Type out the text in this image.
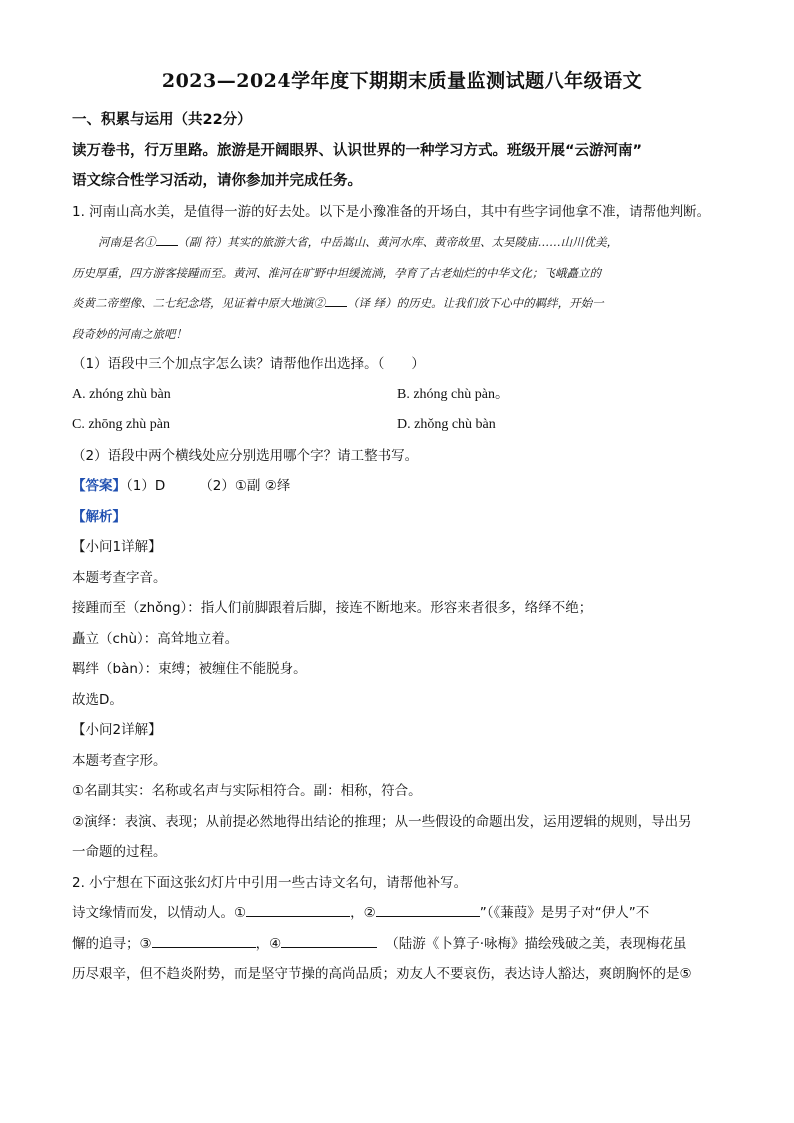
2023—2024学年度下期期末质量监测试题八年级语文

一、积累与运用（共22分）

读万卷书，行万里路。旅游是开阔眼界、认识世界的一种学习方式。班级开展“云游河南”

语文综合性学习活动，请你参加并完成任务。

1. 河南山高水美，是值得一游的好去处。以下是小豫准备的开场白，其中有些字词他拿不准，请帮他判断。

河南是名① （副 符）其实的旅游大省，中岳嵩山、黄河水库、黄帝故里、太昊陵庙……山川优美，

历史厚重，四方游客接踵而至。黄河、淮河在旷野中坦缓流淌，孕育了古老灿烂的中华文化；飞峨矗立的

炎黄二帝塑像、二七纪念塔，见证着中原大地演② （译 绎）的历史。让我们放下心中的羁绊，开始一

段奇妙的河南之旅吧！

（1）语段中三个加点字怎么读？请帮他作出选择。（　　）

A. zhóng zhù bàn	B. zhóng chù pàn。
C. zhōng zhù pàn	D. zhǒng chù bàn

（2）语段中两个横线处应分别选用哪个字？请工整书写。

【答案】（1）D	（2）①副 ②绎

【解析】

【小问1详解】

本题考查字音。

接踵而至（zhǒng）：指人们前脚跟着后脚，接连不断地来。形容来者很多，络绎不绝；

矗立（chù）：高耸地立着。

羁绊（bàn）：束缚；被缠住不能脱身。

故选D。

【小问2详解】

本题考查字形。

①名副其实：名称或名声与实际相符合。副：相称，符合。

②演绎：表演、表现；从前提必然地得出结论的推理；从一些假设的命题出发，运用逻辑的规则，导出另

一命题的过程。

2. 小宁想在下面这张幻灯片中引用一些古诗文名句，请帮他补写。

诗文缘情而发，以情动人。①	，②	”（《蒹葭》是男子对“伊人”不

懈的追寻；③	，④	（陆游《卜算子·咏梅》描绘残破之美，表现梅花虽

历尽艰辛，但不趋炎附势，而是坚守节操的高尚品质；劝友人不要哀伤，表达诗人豁达，爽朗胸怀的是⑤
